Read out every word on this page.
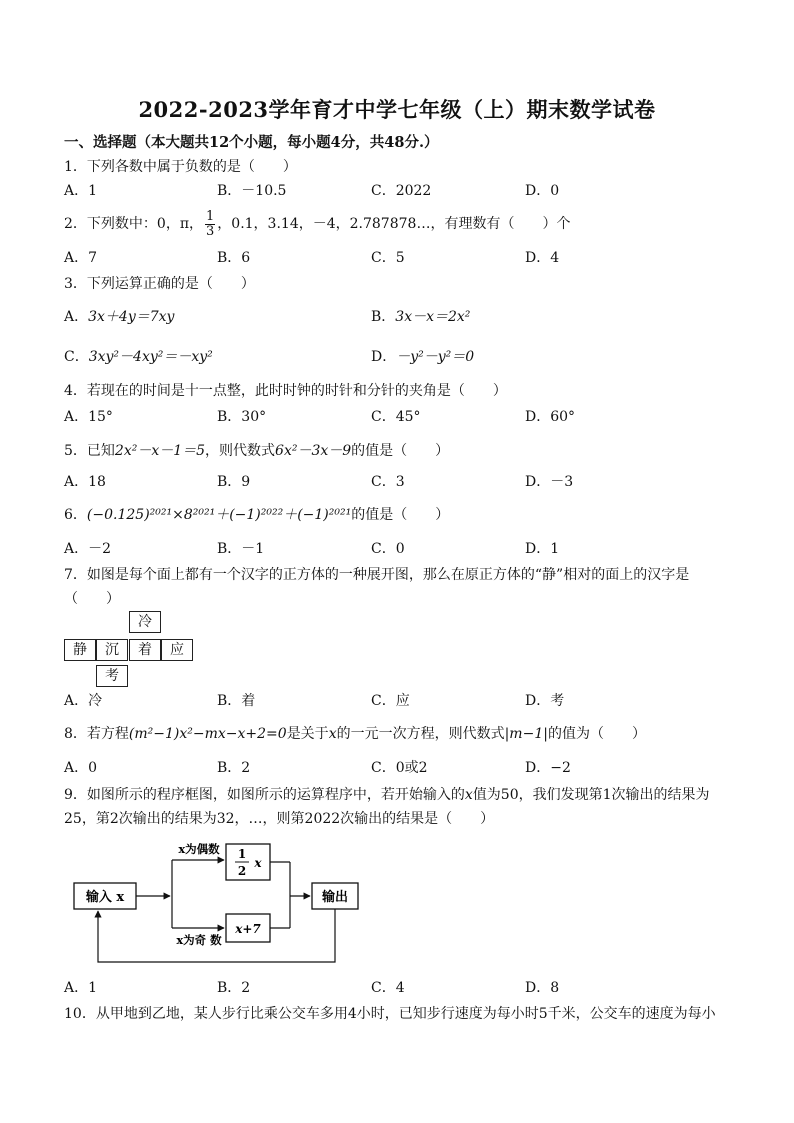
2022-2023学年育才中学七年级（上）期末数学试卷
一、选择题（本大题共12个小题，每小题4分，共48分.）
1．下列各数中属于负数的是（　　）
A．1	B．－10.5	C．2022	D．0
2．下列数中：0，π， $\frac{1}{3}$ ，0.1，3.14，－4，2.787878…，有理数有（　　）个
A．7	B．6	C．5	D．4
3．下列运算正确的是（　　）
A．3x＋4y＝7xy	B．3x－x＝2x²
C．3xy²－4xy²＝－xy²	D．－y²－y²＝0
4．若现在的时间是十一点整，此时时钟的时针和分针的夹角是（　　）
A．15°	B．30°	C．45°	D．60°
5．已知2x²－x－1＝5，则代数式6x²－3x－9的值是（　　）
A．18	B．9	C．3	D．－3
6．(−0.125)²⁰²¹×8²⁰²¹＋(−1)²⁰²²＋(−1)²⁰²¹的值是（　　）
A．－2	B．－1	C．0	D．1
7．如图是每个面上都有一个汉字的正方体的一种展开图，那么在原正方体的“静”相对的面上的汉字是
（　　）
冷
静	沉	着	应
考
A．冷	B．着	C．应	D．考
8．若方程(m²−1)x²−mx−x+2=0是关于x的一元一次方程，则代数式|m−1|的值为（　　）
A．0	B．2	C．0或2	D．−2
9．如图所示的程序框图，如图所示的运算程序中，若开始输入的x值为50，我们发现第1次输出的结果为
25，第2次输出的结果为32，…，则第2022次输出的结果是（　　）
输入 x
x为偶数
x为奇 数
1
2
x
x+7
输出
A．1	B．2	C．4	D．8
10．从甲地到乙地，某人步行比乘公交车多用4小时，已知步行速度为每小时5千米，公交车的速度为每小
